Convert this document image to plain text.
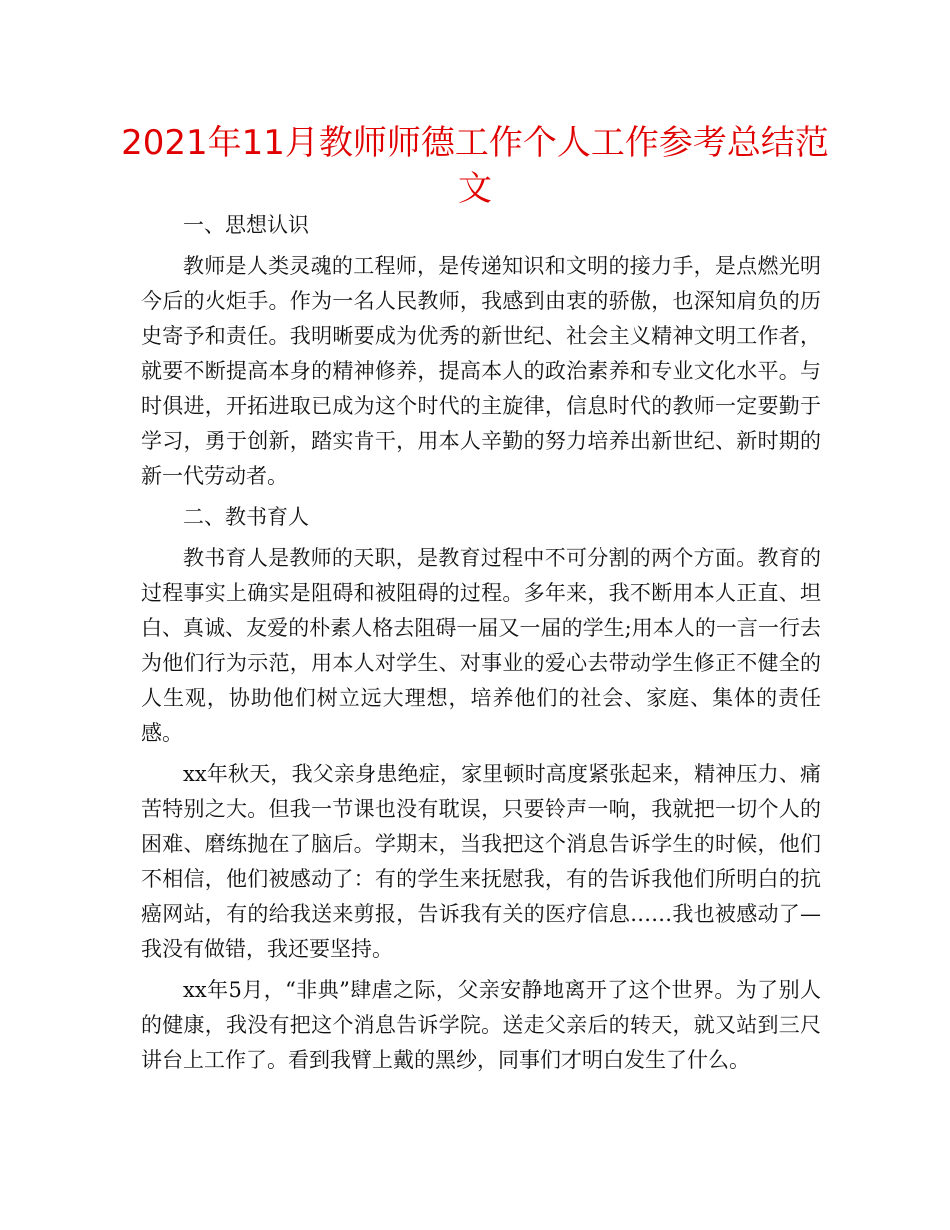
2021年11月教师师德工作个人工作参考总结范文

一、思想认识

教师是人类灵魂的工程师，是传递知识和文明的接力手，是点燃光明今后的火炬手。作为一名人民教师，我感到由衷的骄傲，也深知肩负的历史寄予和责任。我明晰要成为优秀的新世纪、社会主义精神文明工作者，就要不断提高本身的精神修养，提高本人的政治素养和专业文化水平。与时俱进，开拓进取已成为这个时代的主旋律，信息时代的教师一定要勤于学习，勇于创新，踏实肯干，用本人辛勤的努力培养出新世纪、新时期的新一代劳动者。

二、教书育人

教书育人是教师的天职，是教育过程中不可分割的两个方面。教育的过程事实上确实是阻碍和被阻碍的过程。多年来，我不断用本人正直、坦白、真诚、友爱的朴素人格去阻碍一届又一届的学生;用本人的一言一行去为他们行为示范，用本人对学生、对事业的爱心去带动学生修正不健全的人生观，协助他们树立远大理想，培养他们的社会、家庭、集体的责任感。

xx年秋天，我父亲身患绝症，家里顿时高度紧张起来，精神压力、痛苦特别之大。但我一节课也没有耽误，只要铃声一响，我就把一切个人的困难、磨练抛在了脑后。学期末，当我把这个消息告诉学生的时候，他们不相信，他们被感动了：有的学生来抚慰我，有的告诉我他们所明白的抗癌网站，有的给我送来剪报，告诉我有关的医疗信息……我也被感动了—我没有做错，我还要坚持。

xx年5月，“非典”肆虐之际，父亲安静地离开了这个世界。为了别人的健康，我没有把这个消息告诉学院。送走父亲后的转天，就又站到三尺讲台上工作了。看到我臂上戴的黑纱，同事们才明白发生了什么。
